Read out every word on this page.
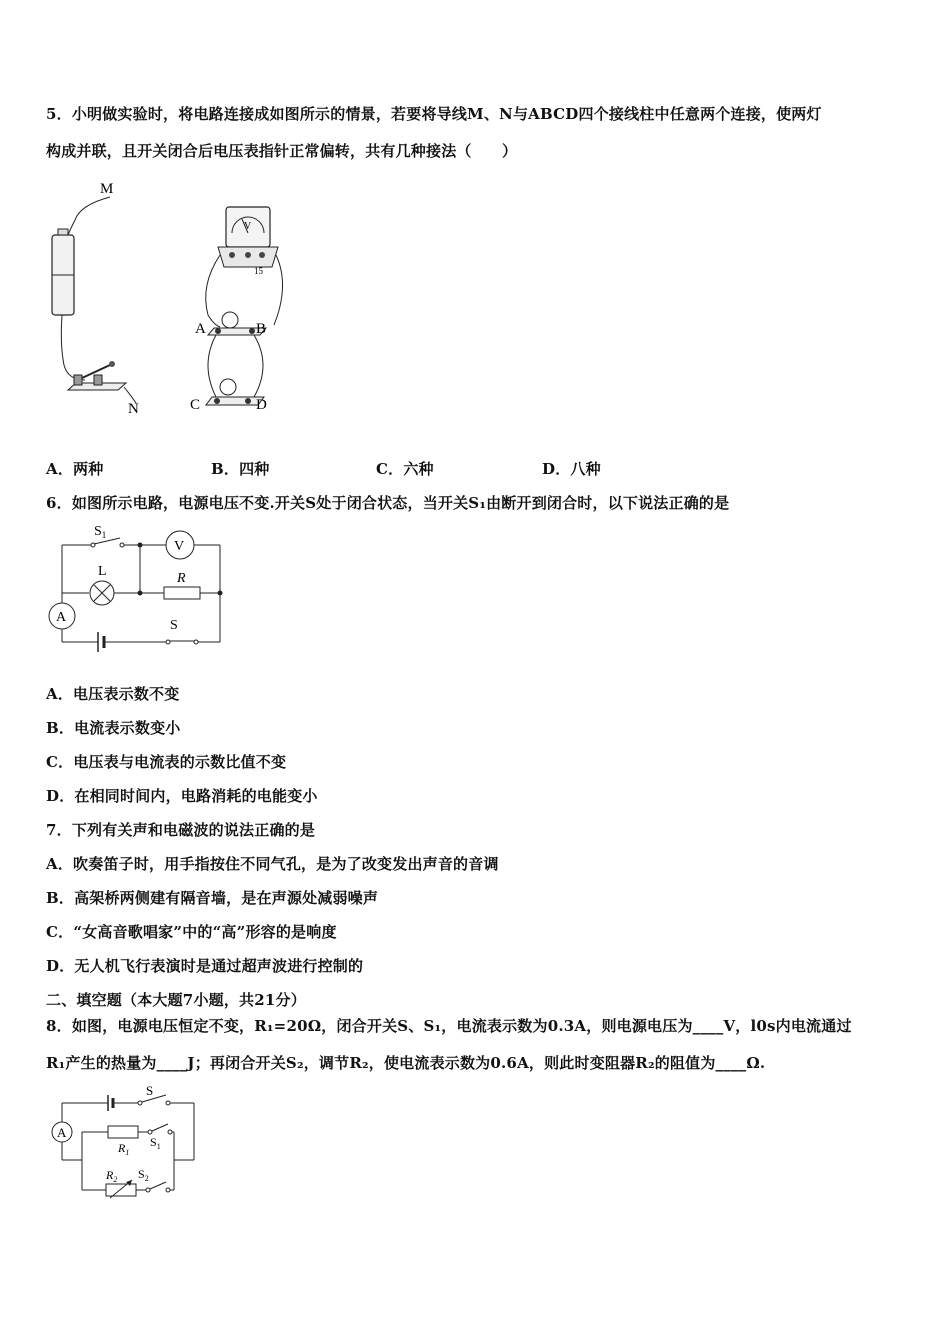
5．小明做实验时，将电路连接成如图所示的情景，若要将导线M、N与ABCD四个接线柱中任意两个连接，使两灯
构成并联，且开关闭合后电压表指针正常偏转，共有几种接法（　　）
M
N
V
15
A	B
C	D
A．两种	B．四种	C．六种	D．八种
6．如图所示电路，电源电压不变.开关S处于闭合状态，当开关S₁由断开到闭合时，以下说法正确的是
$S_1$
V
A
L	R
S
A．电压表示数不变
B．电流表示数变小
C．电压表与电流表的示数比值不变
D．在相同时间内，电路消耗的电能变小
7．下列有关声和电磁波的说法正确的是
A．吹奏笛子时，用手指按住不同气孔，是为了改变发出声音的音调
B．高架桥两侧建有隔音墙，是在声源处减弱噪声
C．“女高音歌唱家”中的“高”形容的是响度
D．无人机飞行表演时是通过超声波进行控制的
二、填空题（本大题7小题，共21分）
8．如图，电源电压恒定不变，R₁=20Ω，闭合开关S、S₁，电流表示数为0.3A，则电源电压为____V，l0s内电流通过
R₁产生的热量为____J；再闭合开关S₂，调节R₂，使电流表示数为0.6A，则此时变阻器R₂的阻值为____Ω.
S
A
$R_1$
$S_1$
$R_2$ $S_2$
